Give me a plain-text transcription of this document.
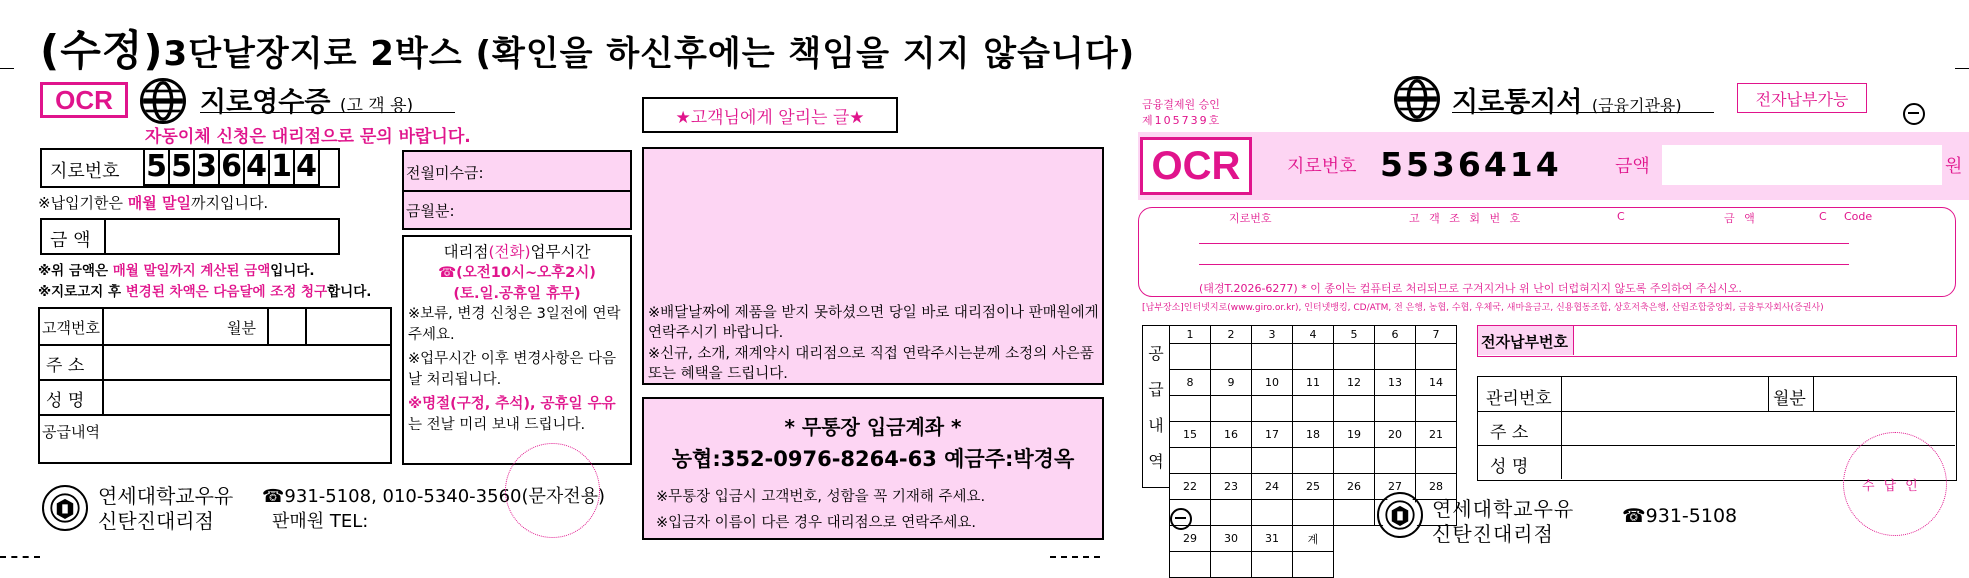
(수정)3단낱장지로 2박스 (확인을 하신후에는 책임을 지지 않습니다)
OCR	지로영수증 (고 객 용)
자동이체 신청은 대리점으로 문의 바랍니다.
지로번호 5 5 3 6 4 1 4
※납입기한은 매월 말일까지입니다.
금 액
※위 금액은 매월 말일까지 계산된 금액입니다.
※지로고지 후 변경된 차액은 다음달에 조정 청구합니다.
고객번호	월분
주 소
성 명
공급내역
전월미수금:
금월분:
대리점(전화)업무시간
☎(오전10시~오후2시)
(토.일.공휴일 휴무)
※보류, 변경 신청은 3일전에 연락주세요.
※업무시간 이후 변경사항은 다음날 처리됩니다.
※명절(구정, 추석), 공휴일 우유는 전날 미리 보내 드립니다.
연세대학교우유
신탄진대리점
☎931-5108, 010-5340-3560(문자전용)
판매원 TEL:
★고객님에게 알리는 글★
※배달날짜에 제품을 받지 못하셨으면 당일 바로 대리점이나 판매원에게 연락주시기 바랍니다.
※신규, 소개, 재계약시 대리점으로 직접 연락주시는분께 소정의 사은품 또는 혜택을 드립니다.
* 무통장 입금계좌 *
농협:352-0976-8264-63 예금주:박경옥
※무통장 입금시 고객번호, 성함을 꼭 기재해 주세요.
※입금자 이름이 다른 경우 대리점으로 연락주세요.
금융결제원 승인
제105739호
지로통지서 (금융기관용)	전자납부가능
OCR	지로번호 5536414	금액	원
지로번호	고 객 조 회 번 호	C	금 액	C Code
(태경T.2026-6277) * 이 종이는 컴퓨터로 처리되므로 구겨지거나 위 난이 더럽혀지지 않도록 주의하여 주십시오.
[납부장소]인터넷지로(www.giro.or.kr), 인터넷뱅킹, CD/ATM, 전 은행, 농협, 수협, 우체국, 새마을금고, 신용협동조합, 상호저축은행, 산림조합중앙회, 금융투자회사(증권사)
공
급
내
역
1	2	3	4	5	6	7

8	9	10	11	12	13	14

15	16	17	18	19	20	21

22	23	24	25	26	27	28

29	30	31	계			

전자납부번호
관리번호	월분
주 소
성 명
수납인
연세대학교우유
신탄진대리점
☎931-5108
